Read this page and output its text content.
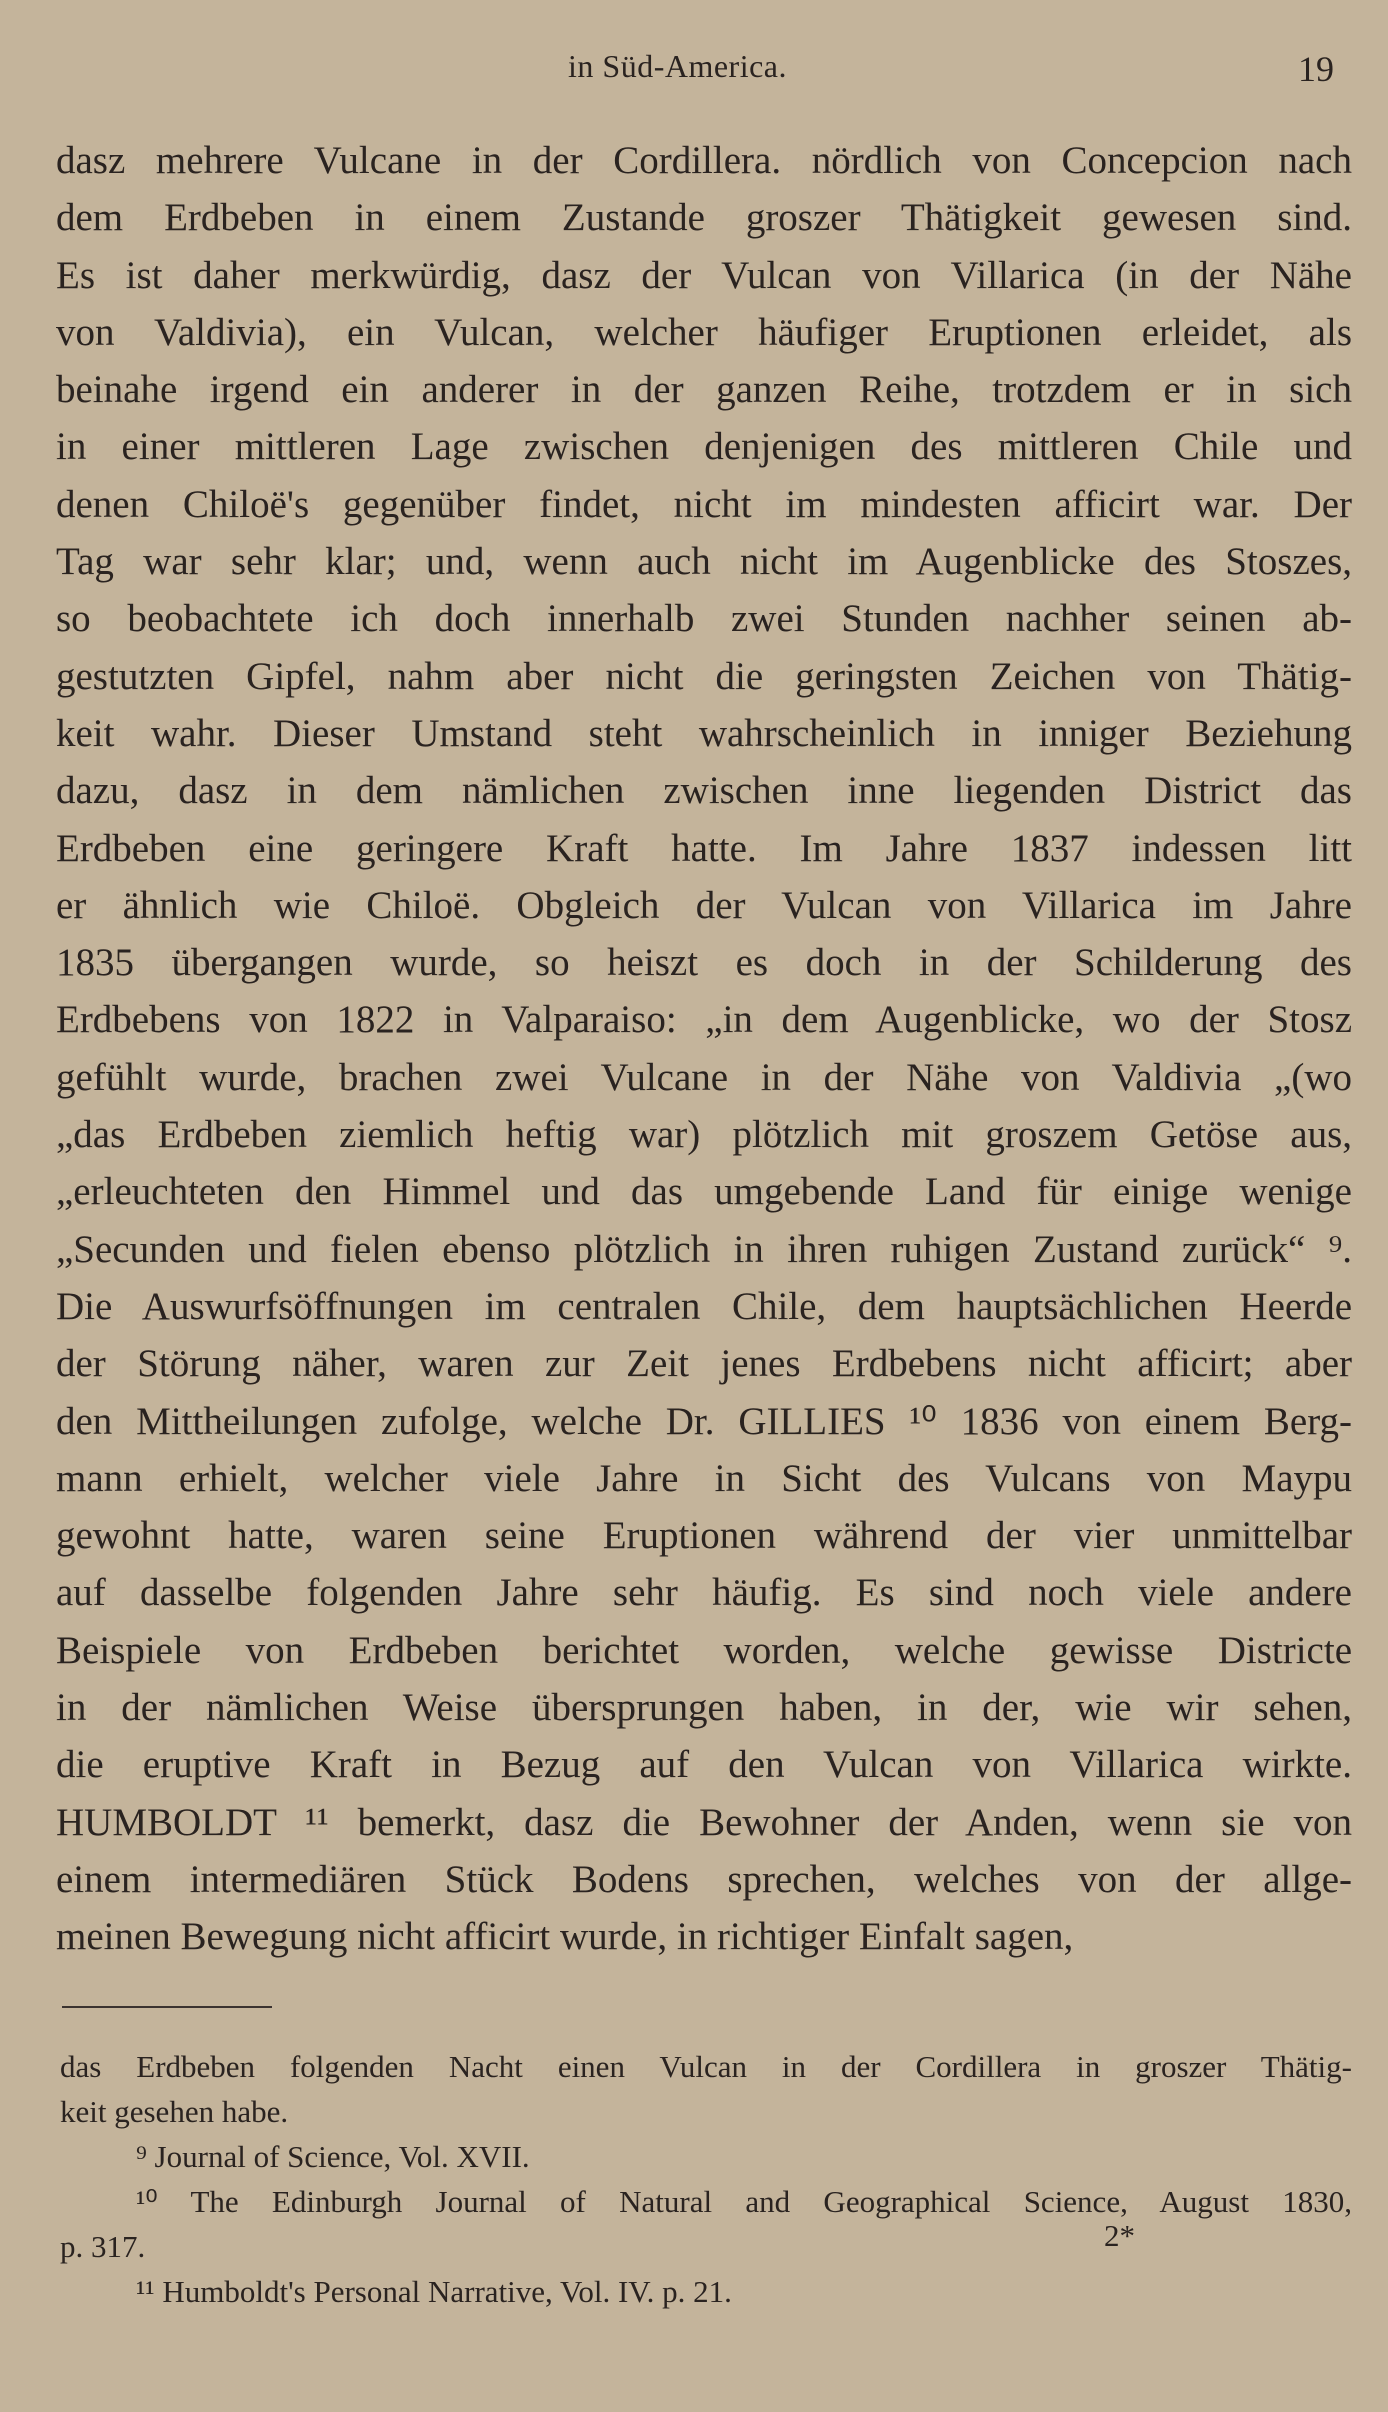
in Süd-America.	19
dasz mehrere Vulcane in der Cordillera. nördlich von Concepcion nach
dem Erdbeben in einem Zustande groszer Thätigkeit gewesen sind.
Es ist daher merkwürdig, dasz der Vulcan von Villarica (in der Nähe
von Valdivia), ein Vulcan, welcher häufiger Eruptionen erleidet, als
beinahe irgend ein anderer in der ganzen Reihe, trotzdem er in sich
in einer mittleren Lage zwischen denjenigen des mittleren Chile und
denen Chiloë's gegenüber findet, nicht im mindesten afficirt war. Der
Tag war sehr klar; und, wenn auch nicht im Augenblicke des Stoszes,
so beobachtete ich doch innerhalb zwei Stunden nachher seinen ab-
gestutzten Gipfel, nahm aber nicht die geringsten Zeichen von Thätig-
keit wahr. Dieser Umstand steht wahrscheinlich in inniger Beziehung
dazu, dasz in dem nämlichen zwischen inne liegenden District das
Erdbeben eine geringere Kraft hatte. Im Jahre 1837 indessen litt
er ähnlich wie Chiloë. Obgleich der Vulcan von Villarica im Jahre
1835 übergangen wurde, so heiszt es doch in der Schilderung des
Erdbebens von 1822 in Valparaiso: „in dem Augenblicke, wo der Stosz
gefühlt wurde, brachen zwei Vulcane in der Nähe von Valdivia „(wo
„das Erdbeben ziemlich heftig war) plötzlich mit groszem Getöse aus,
„erleuchteten den Himmel und das umgebende Land für einige wenige
„Secunden und fielen ebenso plötzlich in ihren ruhigen Zustand zurück“ ⁹.
Die Auswurfsöffnungen im centralen Chile, dem hauptsächlichen Heerde
der Störung näher, waren zur Zeit jenes Erdbebens nicht afficirt; aber
den Mittheilungen zufolge, welche Dr. GILLIES ¹⁰ 1836 von einem Berg-
mann erhielt, welcher viele Jahre in Sicht des Vulcans von Maypu
gewohnt hatte, waren seine Eruptionen während der vier unmittelbar
auf dasselbe folgenden Jahre sehr häufig. Es sind noch viele andere
Beispiele von Erdbeben berichtet worden, welche gewisse Districte
in der nämlichen Weise übersprungen haben, in der, wie wir sehen,
die eruptive Kraft in Bezug auf den Vulcan von Villarica wirkte.
HUMBOLDT ¹¹ bemerkt, dasz die Bewohner der Anden, wenn sie von
einem intermediären Stück Bodens sprechen, welches von der allge-
meinen Bewegung nicht afficirt wurde, in richtiger Einfalt sagen,
das Erdbeben folgenden Nacht einen Vulcan in der Cordillera in groszer Thätig-
keit gesehen habe.
⁹ Journal of Science, Vol. XVII.
¹⁰ The Edinburgh Journal of Natural and Geographical Science, August 1830,
p. 317.
¹¹ Humboldt's Personal Narrative, Vol. IV. p. 21.
2*
